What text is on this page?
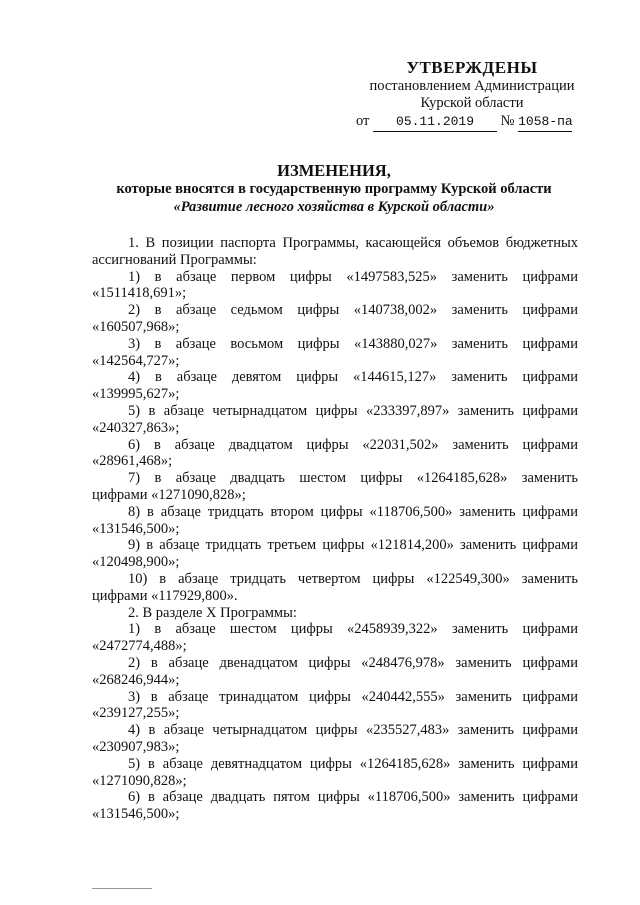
УТВЕРЖДЕНЫ
постановлением Администрации
Курской области
от 05.11.2019 № 1058-па
ИЗМЕНЕНИЯ,
которые вносятся в государственную программу Курской области
«Развитие лесного хозяйства в Курской области»

1. В позиции паспорта Программы, касающейся объемов бюджетных ассигнований Программы:

1) в абзаце первом цифры «1497583,525» заменить цифрами
«1511418,691»;
2) в абзаце седьмом цифры «140738,002» заменить цифрами
«160507,968»;
3) в абзаце восьмом цифры «143880,027» заменить цифрами
«142564,727»;
4) в абзаце девятом цифры «144615,127» заменить цифрами
«139995,627»;
5) в абзаце четырнадцатом цифры «233397,897» заменить цифрами
«240327,863»;
6) в абзаце двадцатом цифры «22031,502» заменить цифрами
«28961,468»;
7) в абзаце двадцать шестом цифры «1264185,628» заменить
цифрами «1271090,828»;
8) в абзаце тридцать втором цифры «118706,500» заменить цифрами
«131546,500»;
9) в абзаце тридцать третьем цифры «121814,200» заменить цифрами
«120498,900»;
10) в абзаце тридцать четвертом цифры «122549,300» заменить
цифрами «117929,800».

2. В разделе X Программы:

1) в абзаце шестом цифры «2458939,322» заменить цифрами
«2472774,488»;
2) в абзаце двенадцатом цифры «248476,978» заменить цифрами
«268246,944»;
3) в абзаце тринадцатом цифры «240442,555» заменить цифрами
«239127,255»;
4) в абзаце четырнадцатом цифры «235527,483» заменить цифрами
«230907,983»;
5) в абзаце девятнадцатом цифры «1264185,628» заменить цифрами
«1271090,828»;
6) в абзаце двадцать пятом цифры «118706,500» заменить цифрами
«131546,500»;
